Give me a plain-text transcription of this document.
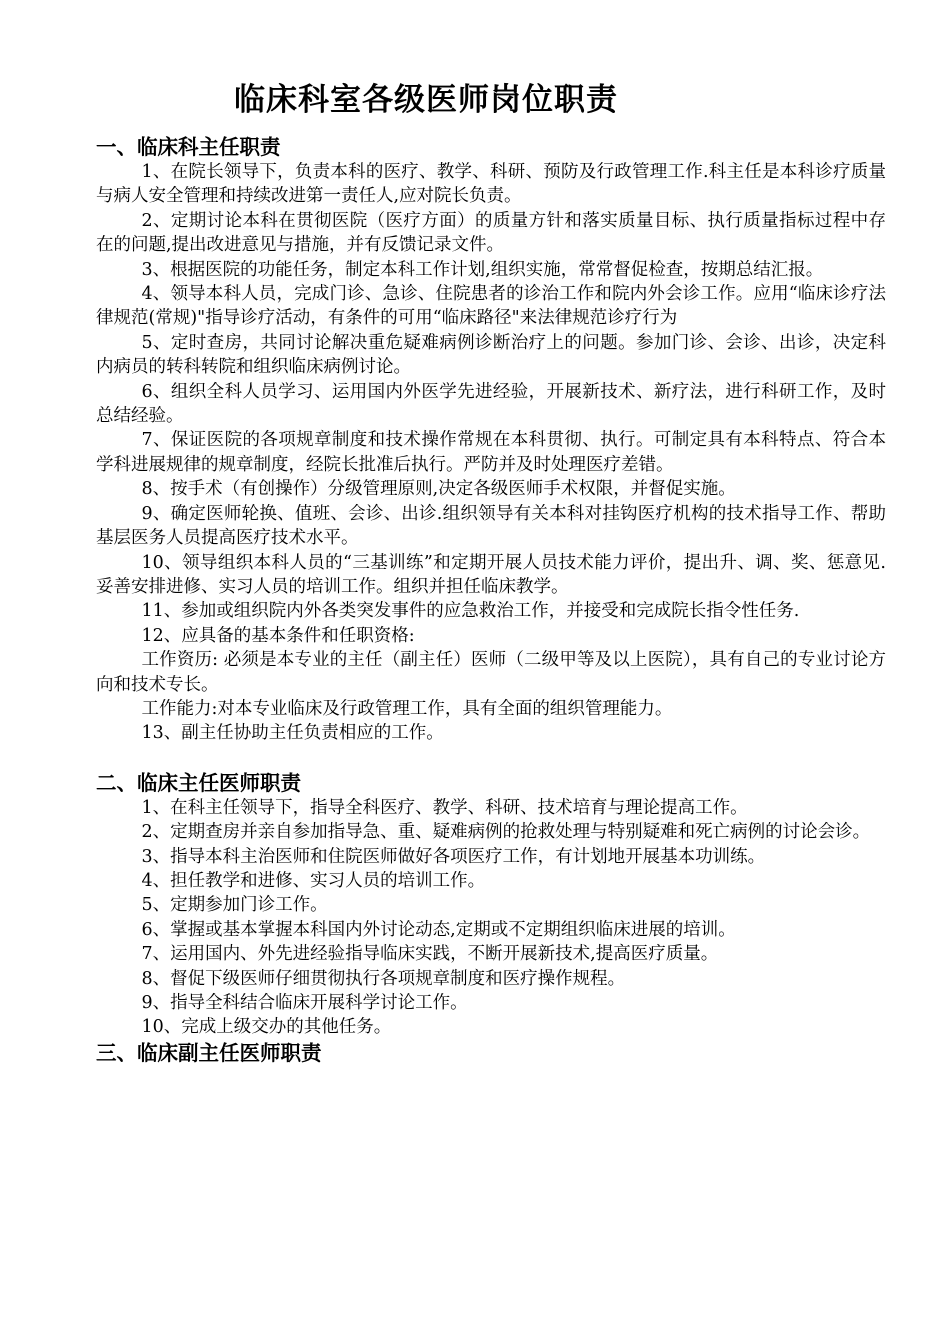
临床科室各级医师岗位职责
一、临床科主任职责

1、在院长领导下，负责本科的医疗、教学、科研、预防及行政管理工作.科主任是本科诊疗质量与病人安全管理和持续改进第一责任人,应对院长负责。

2、定期讨论本科在贯彻医院（医疗方面）的质量方针和落实质量目标、执行质量指标过程中存在的问题,提出改进意见与措施，并有反馈记录文件。

3、根据医院的功能任务，制定本科工作计划,组织实施，常常督促检查，按期总结汇报。

4、领导本科人员，完成门诊、急诊、住院患者的诊治工作和院内外会诊工作。应用“临床诊疗法律规范(常规)"指导诊疗活动，有条件的可用“临床路径"来法律规范诊疗行为

5、定时查房，共同讨论解决重危疑难病例诊断治疗上的问题。参加门诊、会诊、出诊，决定科内病员的转科转院和组织临床病例讨论。

6、组织全科人员学习、运用国内外医学先进经验，开展新技术、新疗法，进行科研工作，及时总结经验。

7、保证医院的各项规章制度和技术操作常规在本科贯彻、执行。可制定具有本科特点、符合本学科进展规律的规章制度，经院长批准后执行。严防并及时处理医疗差错。

8、按手术（有创操作）分级管理原则,决定各级医师手术权限，并督促实施。

9、确定医师轮换、值班、会诊、出诊.组织领导有关本科对挂钩医疗机构的技术指导工作、帮助基层医务人员提高医疗技术水平。

10、领导组织本科人员的“三基训练”和定期开展人员技术能力评价，提出升、调、奖、惩意见.妥善安排进修、实习人员的培训工作。组织并担任临床教学。

11、参加或组织院内外各类突发事件的应急救治工作，并接受和完成院长指令性任务.

12、应具备的基本条件和任职资格:

工作资历: 必须是本专业的主任（副主任）医师（二级甲等及以上医院），具有自己的专业讨论方向和技术专长。

工作能力:对本专业临床及行政管理工作，具有全面的组织管理能力。

13、副主任协助主任负责相应的工作。

二、临床主任医师职责

1、在科主任领导下，指导全科医疗、教学、科研、技术培育与理论提高工作。

2、定期查房并亲自参加指导急、重、疑难病例的抢救处理与特别疑难和死亡病例的讨论会诊。

3、指导本科主治医师和住院医师做好各项医疗工作，有计划地开展基本功训练。

4、担任教学和进修、实习人员的培训工作。

5、定期参加门诊工作。

6、掌握或基本掌握本科国内外讨论动态,定期或不定期组织临床进展的培训。

7、运用国内、外先进经验指导临床实践，不断开展新技术,提高医疗质量。

8、督促下级医师仔细贯彻执行各项规章制度和医疗操作规程。

9、指导全科结合临床开展科学讨论工作。

10、完成上级交办的其他任务。

三、临床副主任医师职责
